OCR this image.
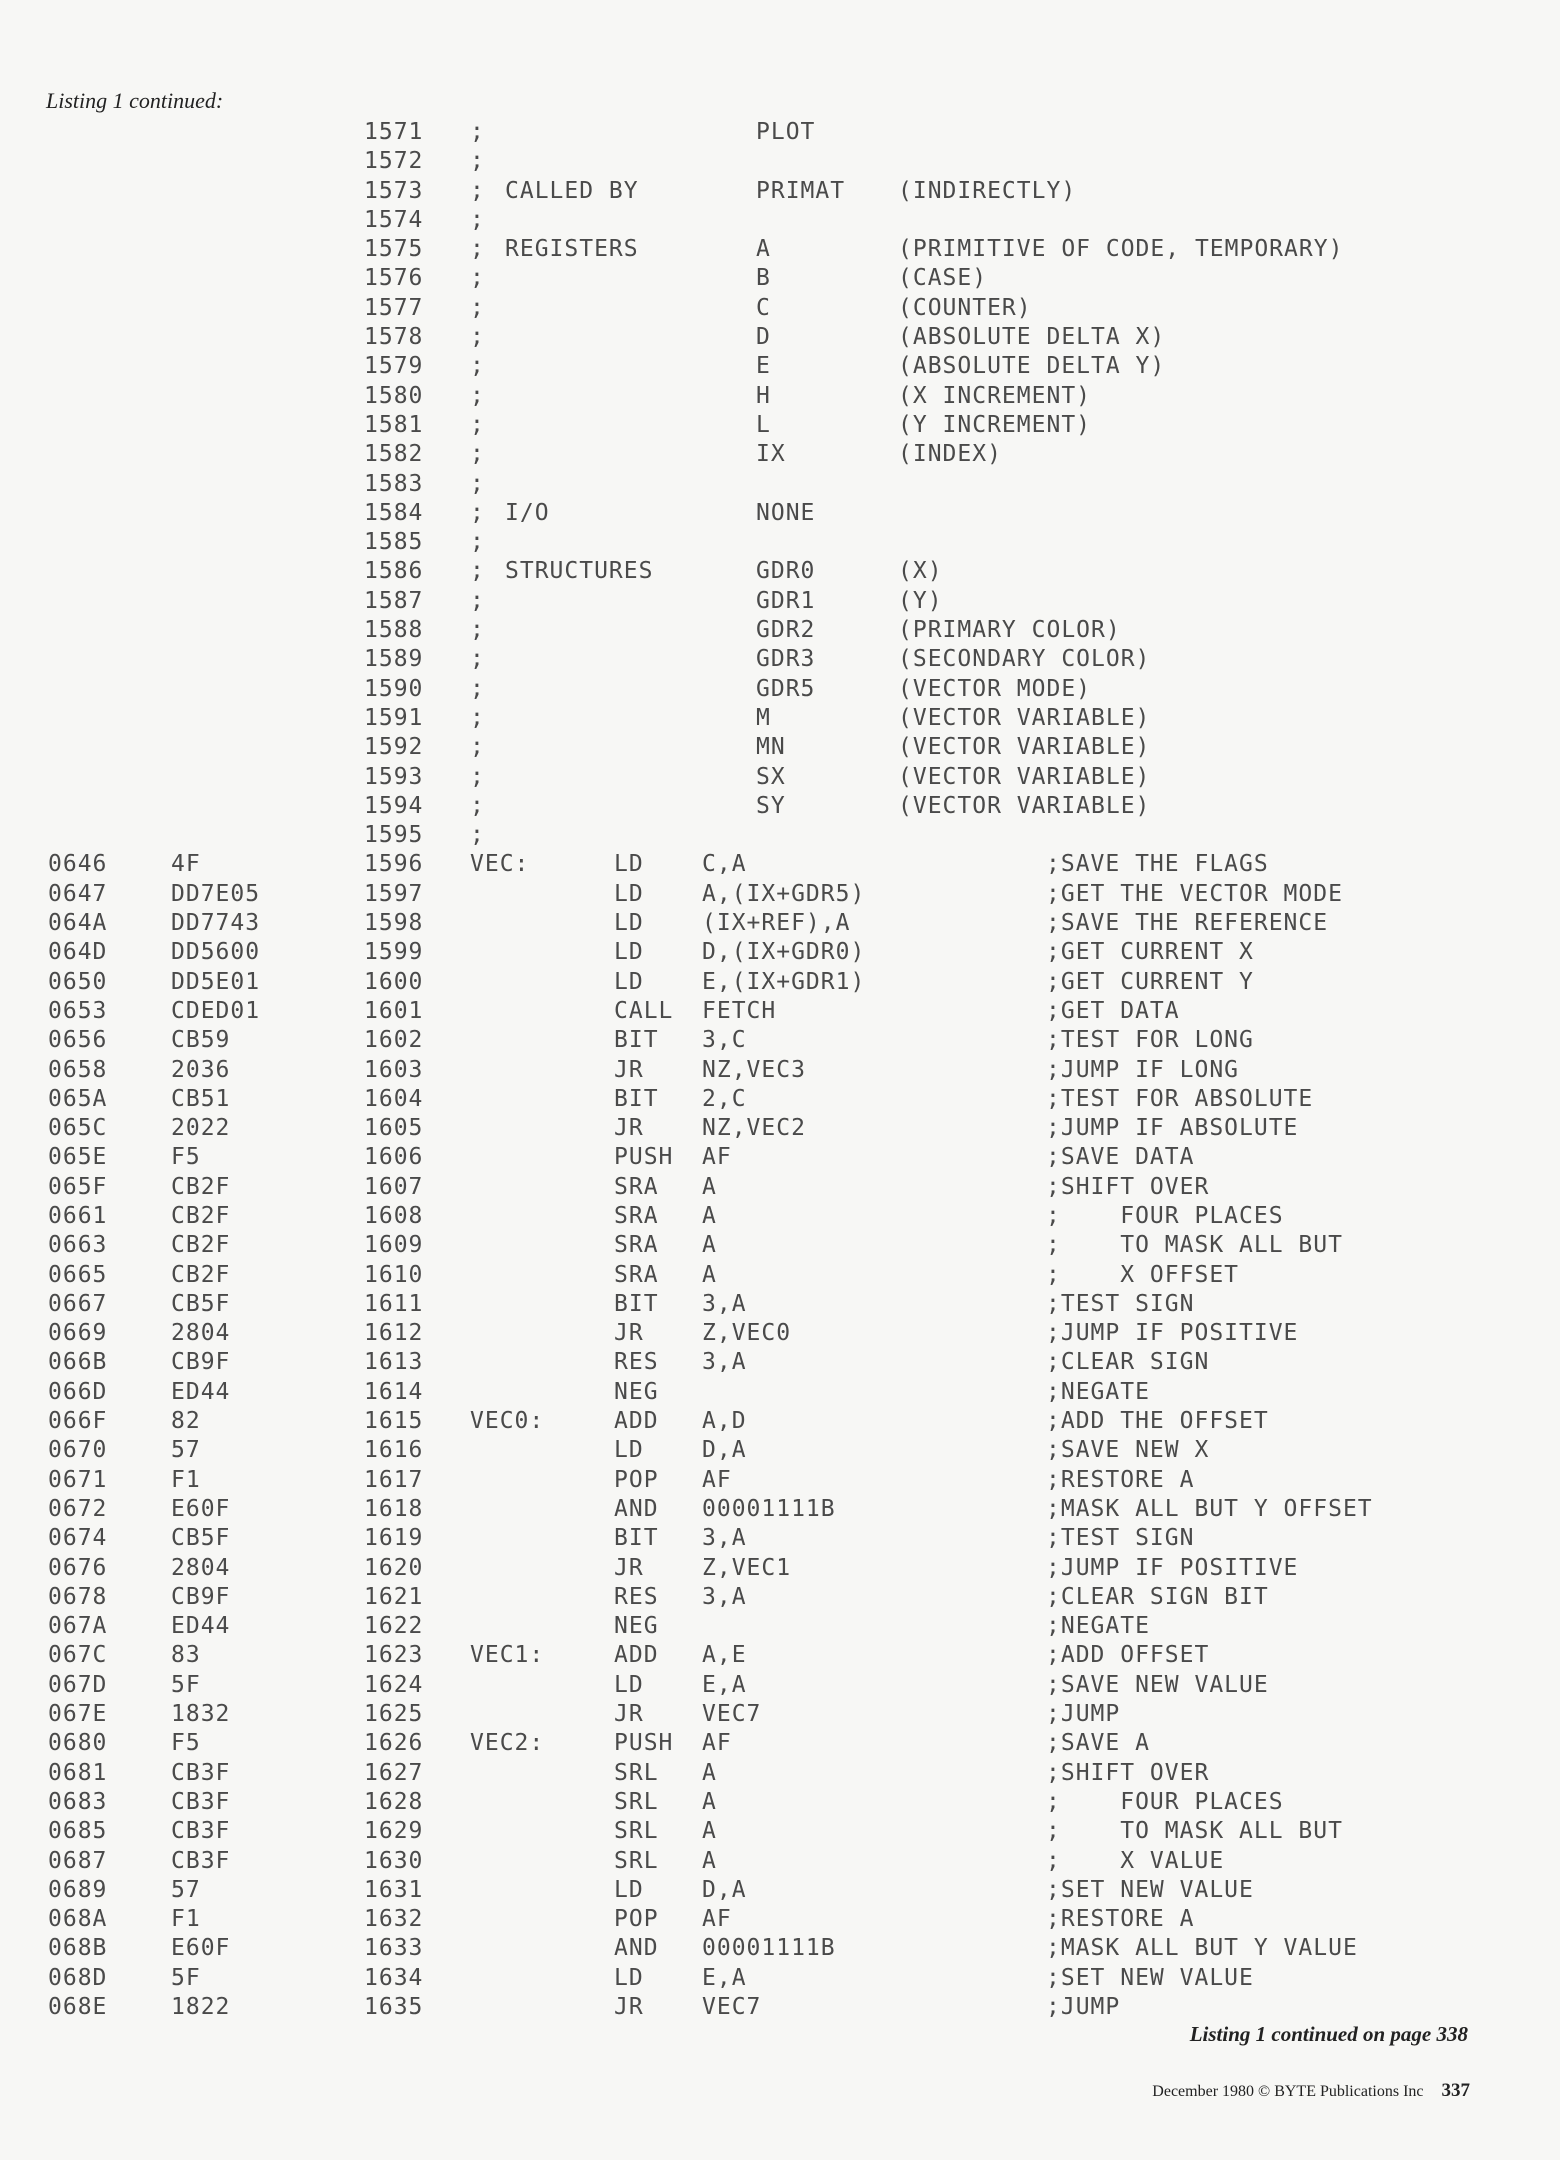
Listing 1 continued:
1571 ;	PLOT
1572 ;
1573 ; CALLED BY	PRIMAT (INDIRECTLY)
1574 ;
1575 ; REGISTERS	A	(PRIMITIVE OF CODE, TEMPORARY)
1576 ;	B	(CASE)
1577 ;	C	(COUNTER)
1578 ;	D	(ABSOLUTE DELTA X)
1579 ;	E	(ABSOLUTE DELTA Y)
1580 ;	H	(X INCREMENT)
1581 ;	L	(Y INCREMENT)
1582 ;	IX	(INDEX)
1583 ;
1584 ; I/O	NONE
1585 ;
1586 ; STRUCTURES	GDR0	(X)
1587 ;	GDR1	(Y)
1588 ;	GDR2	(PRIMARY COLOR)
1589 ;	GDR3	(SECONDARY COLOR)
1590 ;	GDR5	(VECTOR MODE)
1591 ;	M	(VECTOR VARIABLE)
1592 ;	MN	(VECTOR VARIABLE)
1593 ;	SX	(VECTOR VARIABLE)
1594 ;	SY	(VECTOR VARIABLE)
1595 ;
0646	4F	1596 VEC:	LD	C,A	;SAVE THE FLAGS
0647	DD7E05	1597	LD	A,(IX+GDR5)	;GET THE VECTOR MODE
064A	DD7743	1598	LD	(IX+REF),A	;SAVE THE REFERENCE
064D	DD5600	1599	LD	D,(IX+GDR0)	;GET CURRENT X
0650	DD5E01	1600	LD	E,(IX+GDR1)	;GET CURRENT Y
0653	CDED01	1601	CALL FETCH	;GET DATA
0656	CB59	1602	BIT 3,C	;TEST FOR LONG
0658	2036	1603	JR	NZ,VEC3	;JUMP IF LONG
065A	CB51	1604	BIT 2,C	;TEST FOR ABSOLUTE
065C	2022	1605	JR	NZ,VEC2	;JUMP IF ABSOLUTE
065E	F5	1606	PUSH AF	;SAVE DATA
065F	CB2F	1607	SRA A	;SHIFT OVER
0661	CB2F	1608	SRA A	;    FOUR PLACES
0663	CB2F	1609	SRA A	;    TO MASK ALL BUT
0665	CB2F	1610	SRA A	;    X OFFSET
0667	CB5F	1611	BIT 3,A	;TEST SIGN
0669	2804	1612	JR	Z,VEC0	;JUMP IF POSITIVE
066B	CB9F	1613	RES 3,A	;CLEAR SIGN
066D	ED44	1614	NEG	;NEGATE
066F	82	1615 VEC0:	ADD A,D	;ADD THE OFFSET
0670	57	1616	LD	D,A	;SAVE NEW X
0671	F1	1617	POP AF	;RESTORE A
0672	E60F	1618	AND 00001111B	;MASK ALL BUT Y OFFSET
0674	CB5F	1619	BIT 3,A	;TEST SIGN
0676	2804	1620	JR	Z,VEC1	;JUMP IF POSITIVE
0678	CB9F	1621	RES 3,A	;CLEAR SIGN BIT
067A	ED44	1622	NEG	;NEGATE
067C	83	1623 VEC1:	ADD A,E	;ADD OFFSET
067D	5F	1624	LD	E,A	;SAVE NEW VALUE
067E	1832	1625	JR	VEC7	;JUMP
0680	F5	1626 VEC2:	PUSH AF	;SAVE A
0681	CB3F	1627	SRL A	;SHIFT OVER
0683	CB3F	1628	SRL A	;    FOUR PLACES
0685	CB3F	1629	SRL A	;    TO MASK ALL BUT
0687	CB3F	1630	SRL A	;    X VALUE
0689	57	1631	LD	D,A	;SET NEW VALUE
068A	F1	1632	POP AF	;RESTORE A
068B	E60F	1633	AND 00001111B	;MASK ALL BUT Y VALUE
068D	5F	1634	LD	E,A	;SET NEW VALUE
068E	1822	1635	JR	VEC7	;JUMP
Listing 1 continued on page 338
December 1980 © BYTE Publications Inc 337
